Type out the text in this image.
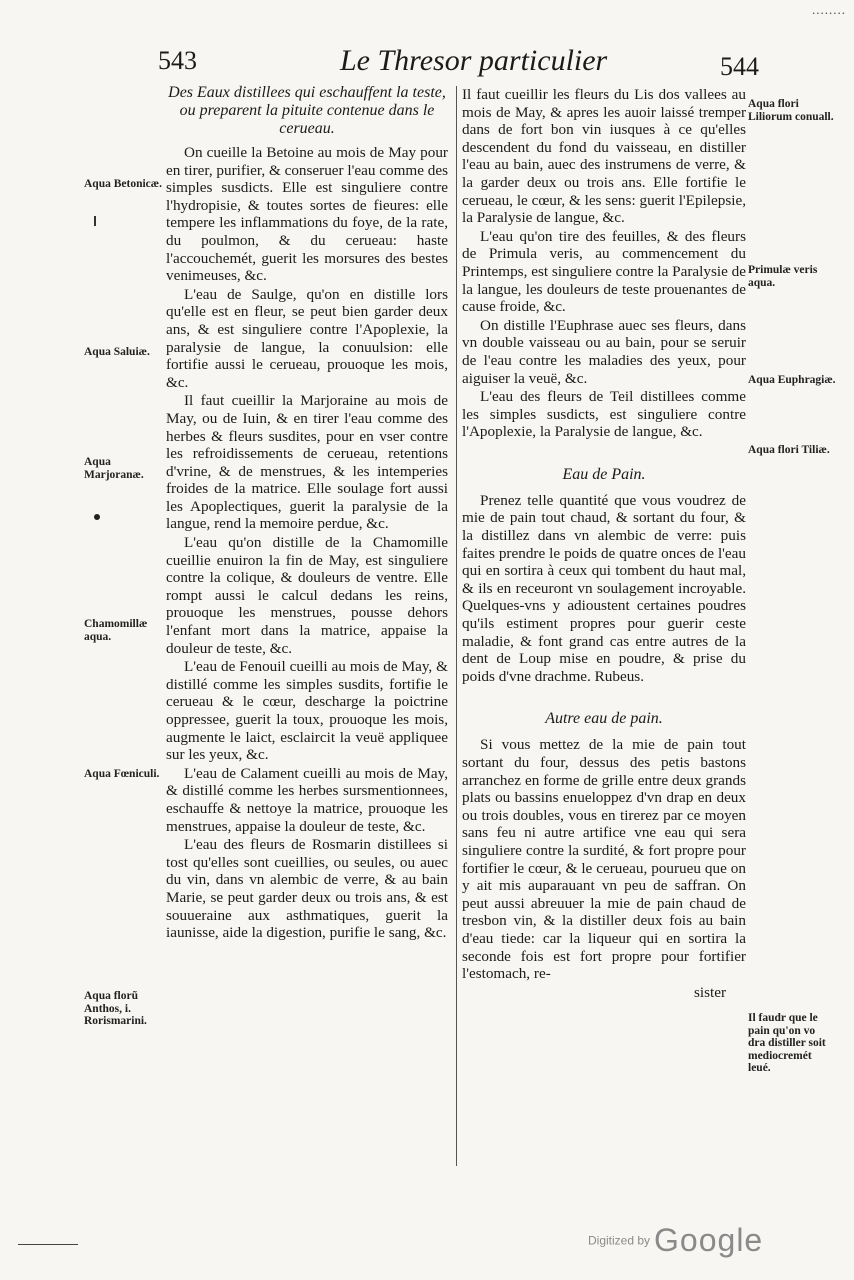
........
543	Le Thresor particulier	544
Aqua Betonicæ.
Aqua Saluiæ.
Aqua Marjoranæ.
Chamomillæ aqua.
Aqua Fœniculi.
Aqua florũ Anthos, i. Rorismarini.
Aqua flori Liliorum conuall.
Primulæ veris aqua.
Aqua Euphragiæ.
Aqua flori Tiliæ.
Il faudr que le pain qu'on vo dra distiller soit mediocremét leué.
Des Eaux distillees qui eschauffent la teste, ou preparent la pituite contenue dans le cerueau.

On cueille la Betoine au mois de May pour en tirer, purifier, & conseruer l'eau comme des simples susdicts. Elle est singuliere contre l'hydropisie, & toutes sortes de fieures: elle tempere les inflammations du foye, de la rate, du poulmon, & du cerueau: haste l'accouchemét, guerit les morsures des bestes venimeuses, &c.

L'eau de Saulge, qu'on en distille lors qu'elle est en fleur, se peut bien garder deux ans, & est singuliere contre l'Apoplexie, la paralysie de langue, la conuulsion: elle fortifie aussi le cerueau, prouoque les mois, &c.

Il faut cueillir la Marjoraine au mois de May, ou de Iuin, & en tirer l'eau comme des herbes & fleurs susdites, pour en vser contre les refroidissements de cerueau, retentions d'vrine, & de menstrues, & les intemperies froides de la matrice. Elle soulage fort aussi les Apoplectiques, guerit la paralysie de la langue, rend la memoire perdue, &c.

L'eau qu'on distille de la Chamomille cueillie enuiron la fin de May, est singuliere contre la colique, & douleurs de ventre. Elle rompt aussi le calcul dedans les reins, prouoque les menstrues, pousse dehors l'enfant mort dans la matrice, appaise la douleur de teste, &c.

L'eau de Fenouil cueilli au mois de May, & distillé comme les simples susdits, fortifie le cerueau & le cœur, descharge la poictrine oppressee, guerit la toux, prouoque les mois, augmente le laict, esclaircit la veuë appliquee sur les yeux, &c.

L'eau de Calament cueilli au mois de May, & distillé comme les herbes sursmentionnees, eschauffe & nettoye la matrice, prouoque les menstrues, appaise la douleur de teste, &c.

L'eau des fleurs de Rosmarin distillees si tost qu'elles sont cueillies, ou seules, ou auec du vin, dans vn alembic de verre, & au bain Marie, se peut garder deux ou trois ans, & est souueraine aux asthmatiques, guerit la iaunisse, aide la digestion, purifie le sang, &c.

Il faut cueillir les fleurs du Lis dos vallees au mois de May, & apres les auoir laissé tremper dans de fort bon vin iusques à ce qu'elles descendent du fond du vaisseau, en distiller l'eau au bain, auec des instrumens de verre, & la garder deux ou trois ans. Elle fortifie le cerueau, le cœur, & les sens: guerit l'Epilepsie, la Paralysie de langue, &c.

L'eau qu'on tire des feuilles, & des fleurs de Primula veris, au commencement du Printemps, est singuliere contre la Paralysie de la langue, les douleurs de teste prouenantes de cause froide, &c.

On distille l'Euphrase auec ses fleurs, dans vn double vaisseau ou au bain, pour se seruir de l'eau contre les maladies des yeux, pour aiguiser la veuë, &c.

L'eau des fleurs de Teil distillees comme les simples susdicts, est singuliere contre l'Apoplexie, la Paralysie de langue, &c.

Eau de Pain.

Prenez telle quantité que vous voudrez de mie de pain tout chaud, & sortant du four, & la distillez dans vn alembic de verre: puis faites prendre le poids de quatre onces de l'eau qui en sortira à ceux qui tombent du haut mal, & ils en receuront vn soulagement incroyable. Quelques-vns y adioustent certaines poudres qu'ils estiment propres pour guerir ceste maladie, & font grand cas entre autres de la dent de Loup mise en poudre, & prise du poids d'vne drachme. Rubeus.

Autre eau de pain.

Si vous mettez de la mie de pain tout sortant du four, dessus des petis bastons arranchez en forme de grille entre deux grands plats ou bassins enueloppez d'vn drap en deux ou trois doubles, vous en tirerez par ce moyen sans feu ni autre artifice vne eau qui sera singuliere contre la surdité, & fort propre pour fortifier le cœur, & le cerueau, pourueu que on y ait mis auparauant vn peu de saffran. On peut aussi abreuuer la mie de pain chaud de tresbon vin, & la distiller deux fois au bain d'eau tiede: car la liqueur qui en sortira la seconde fois est fort propre pour fortifier l'estomach, re-

sister
Digitized by Google
